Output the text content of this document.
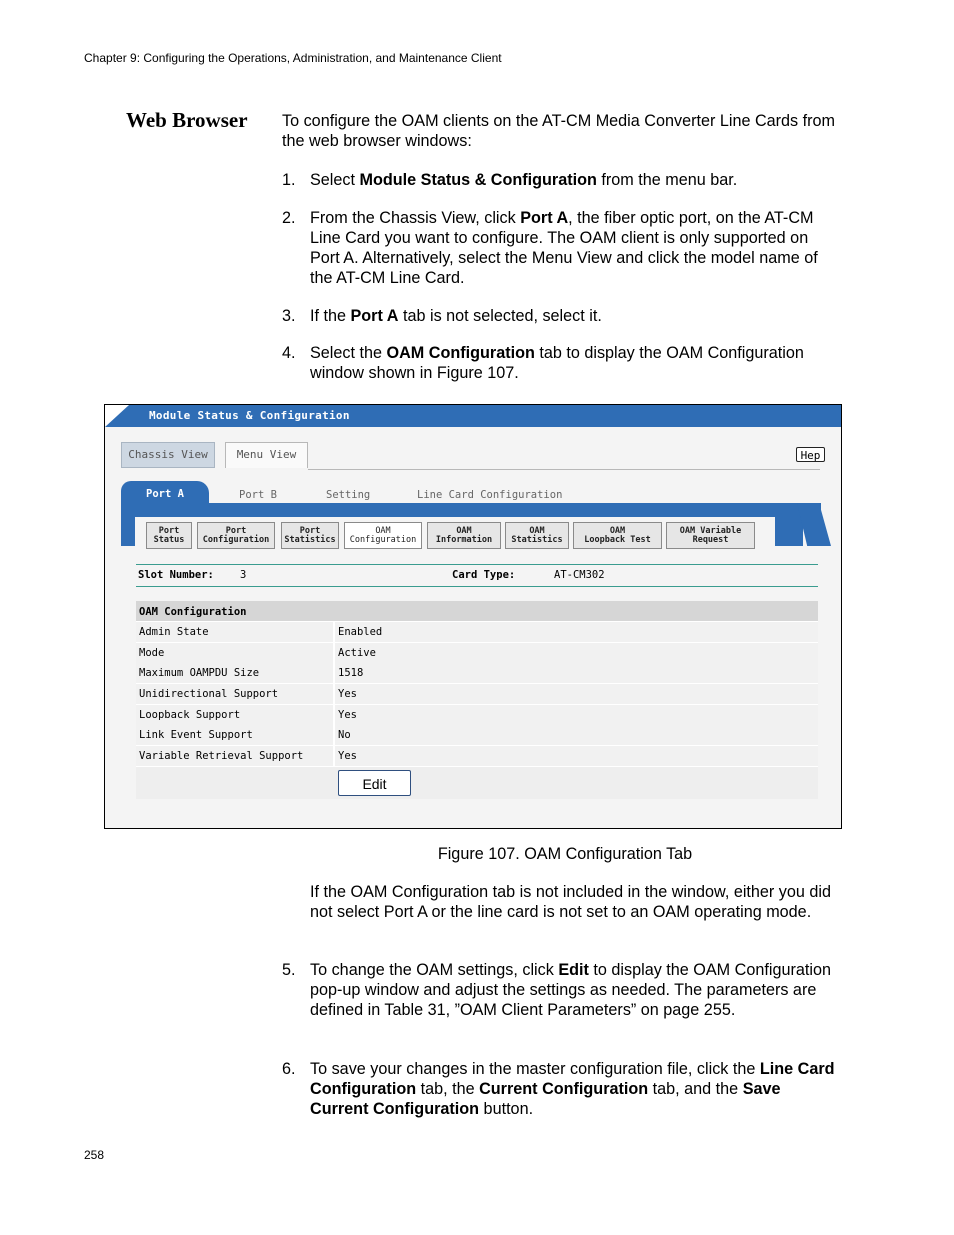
Chapter 9: Configuring the Operations, Administration, and Maintenance Client
Web Browser To configure the OAM clients on the AT-CM Media Converter Line Cards from the web browser windows:
1. Select Module Status & Configuration from the menu bar.
2. From the Chassis View, click Port A, the fiber optic port, on the AT-CM Line Card you want to configure. The OAM client is only supported on Port A. Alternatively, select the Menu View and click the model name of the AT-CM Line Card.
3. If the Port A tab is not selected, select it.
4. Select the OAM Configuration tab to display the OAM Configuration window shown in Figure 107.
Module Status & Configuration
Chassis View	Menu View	Hep
Port A	Port B	Setting	Line Card Configuration
Port
Status
Port
Configuration
Port
Statistics
OAM
Configuration
OAM
Information
OAM
Statistics
OAM
Loopback Test
OAM Variable
Request
Slot Number: 3	Card Type:	AT-CM302
OAM Configuration
Admin State	Enabled
Mode	Active
Maximum OAMPDU Size	1518
Unidirectional Support	Yes
Loopback Support	Yes
Link Event Support	No
Variable Retrieval Support	Yes
Edit
Figure 107. OAM Configuration Tab
If the OAM Configuration tab is not included in the window, either you did not select Port A or the line card is not set to an OAM operating mode.
5. To change the OAM settings, click Edit to display the OAM Configuration pop-up window and adjust the settings as needed. The parameters are defined in Table 31, ”OAM Client Parameters” on page 255.
6. To save your changes in the master configuration file, click the Line Card Configuration tab, the Current Configuration tab, and the Save Current Configuration button.
258
